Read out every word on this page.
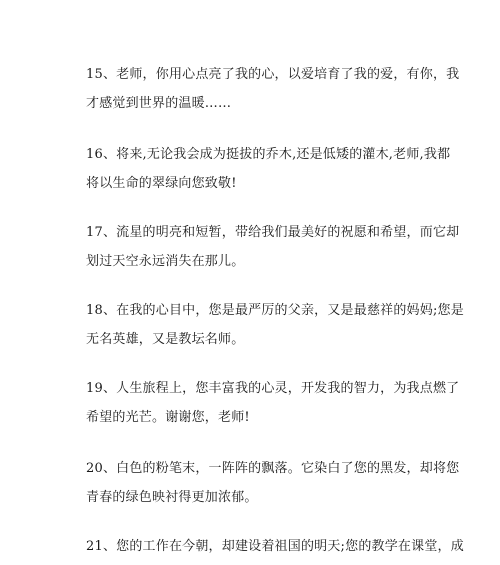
15、老师，你用心点亮了我的心，以爱培育了我的爱，有你，我
才感觉到世界的温暖……
16、将来,无论我会成为挺拔的乔木,还是低矮的灌木,老师,我都
将以生命的翠绿向您致敬!
17、流星的明亮和短暂，带给我们最美好的祝愿和希望，而它却
划过天空永远消失在那儿。
18、在我的心目中，您是最严厉的父亲，又是最慈祥的妈妈;您是
无名英雄，又是教坛名师。
19、人生旅程上，您丰富我的心灵，开发我的智力，为我点燃了
希望的光芒。谢谢您，老师!
20、白色的粉笔末，一阵阵的飘落。它染白了您的黑发，却将您
青春的绿色映衬得更加浓郁。
21、您的工作在今朝，却建设着祖国的明天;您的教学在课堂，成
